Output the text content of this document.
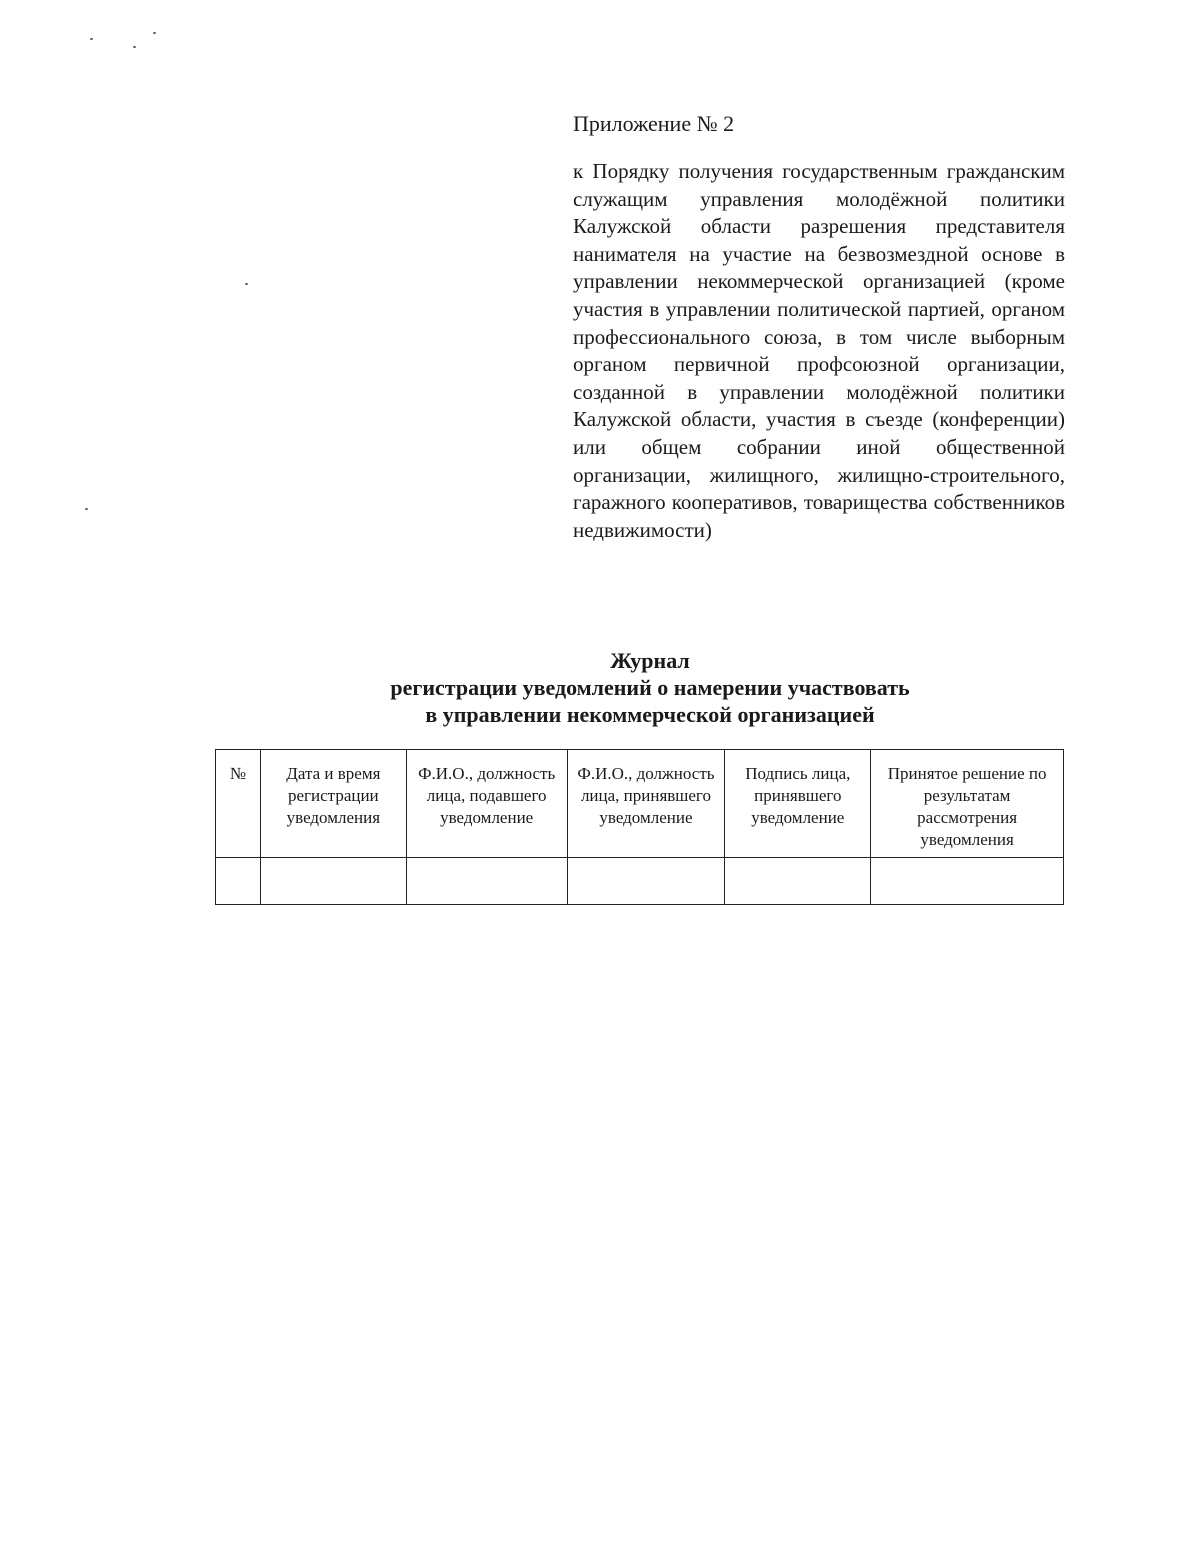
Приложение № 2
к Порядку получения государственным гражданским служащим управления молодёжной политики Калужской области разрешения представителя нанимателя на участие на безвозмездной основе в управлении некоммерческой организацией (кроме участия в управлении политической партией, органом профессионального союза, в том числе выборным органом первичной профсоюзной организации, созданной в управлении молодёжной политики Калужской области, участия в съезде (конференции) или общем собрании иной общественной организации, жилищного, жилищно-строительного, гаражного кооперативов, товарищества собственников недвижимости)
Журнал
регистрации уведомлений о намерении участвовать
в управлении некоммерческой организацией
№	Дата и время регистрации уведомления	Ф.И.О., должность лица, подавшего уведомление	Ф.И.О., должность лица, принявшего уведомление	Подпись лица, принявшего уведомление	Принятое решение по результатам рассмотрения уведомления
